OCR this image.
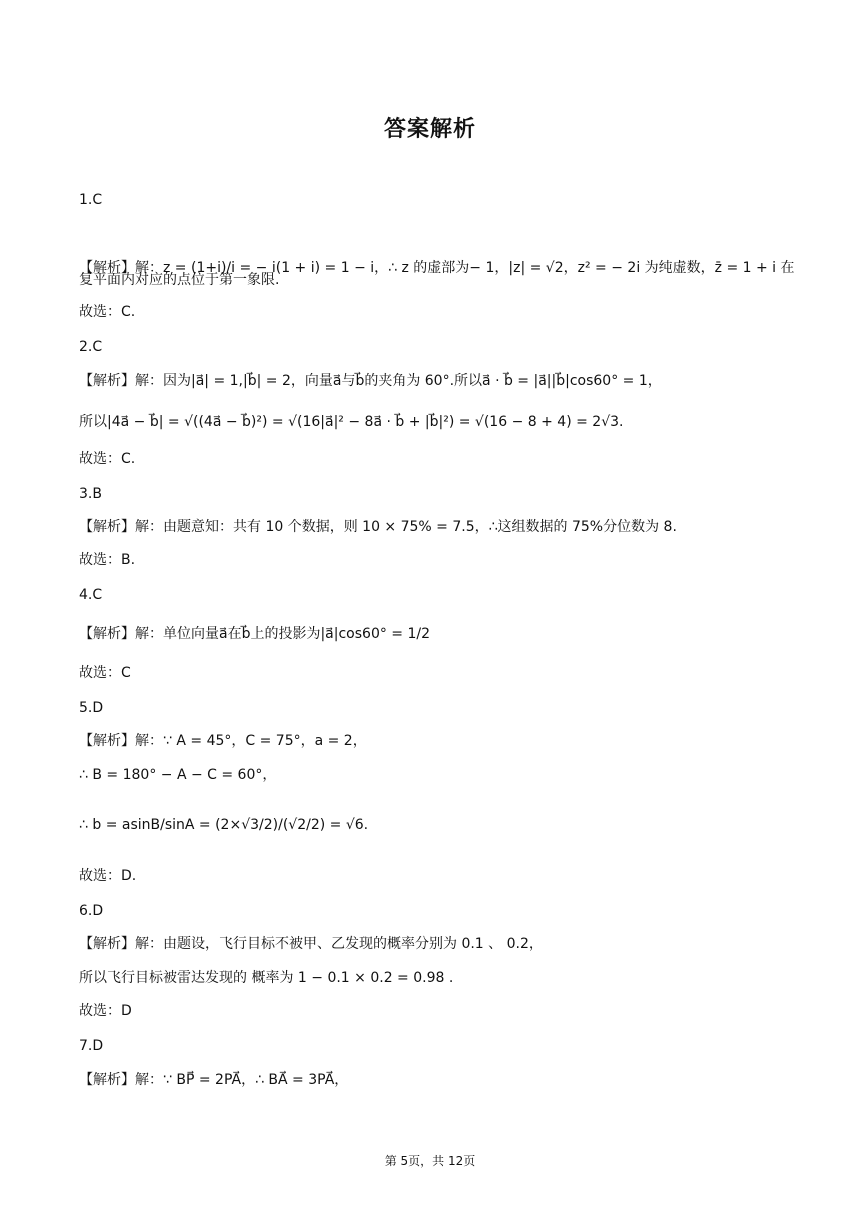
答案解析
1.C
【解析】解：z = (1+i)/i = − i(1 + i) = 1 − i，∴ z 的虚部为− 1，|z| = √2，z² = − 2i 为纯虚数，z̄ = 1 + i 在
复平面内对应的点位于第一象限.
故选：C.
2.C
【解析】解：因为|a⃗| = 1,|b⃗| = 2，向量a⃗与b⃗的夹角为 60°.所以a⃗ · b⃗ = |a⃗||b⃗|cos60° = 1，
所以|4a⃗ − b⃗| = √((4a⃗ − b⃗)²) = √(16|a⃗|² − 8a⃗ · b⃗ + |b⃗|²) = √(16 − 8 + 4) = 2√3.
故选：C.
3.B
【解析】解：由题意知：共有 10 个数据，则 10 × 75% = 7.5，∴这组数据的 75%分位数为 8.
故选：B.
4.C
【解析】解：单位向量a⃗在b⃗上的投影为|a⃗|cos60° = 1/2
故选：C
5.D
【解析】解：∵ A = 45°，C = 75°，a = 2，
∴ B = 180° − A − C = 60°，
∴ b = asinB/sinA = (2×√3/2)/(√2/2) = √6.
故选：D.
6.D
【解析】解：由题设，飞行目标不被甲、乙发现的概率分别为 0.1 、 0.2，
所以飞行目标被雷达发现的 概率为 1 − 0.1 × 0.2 = 0.98 .
故选：D
7.D
【解析】解：∵ BP⃗ = 2PA⃗，∴ BA⃗ = 3PA⃗，
第 5页，共 12页
